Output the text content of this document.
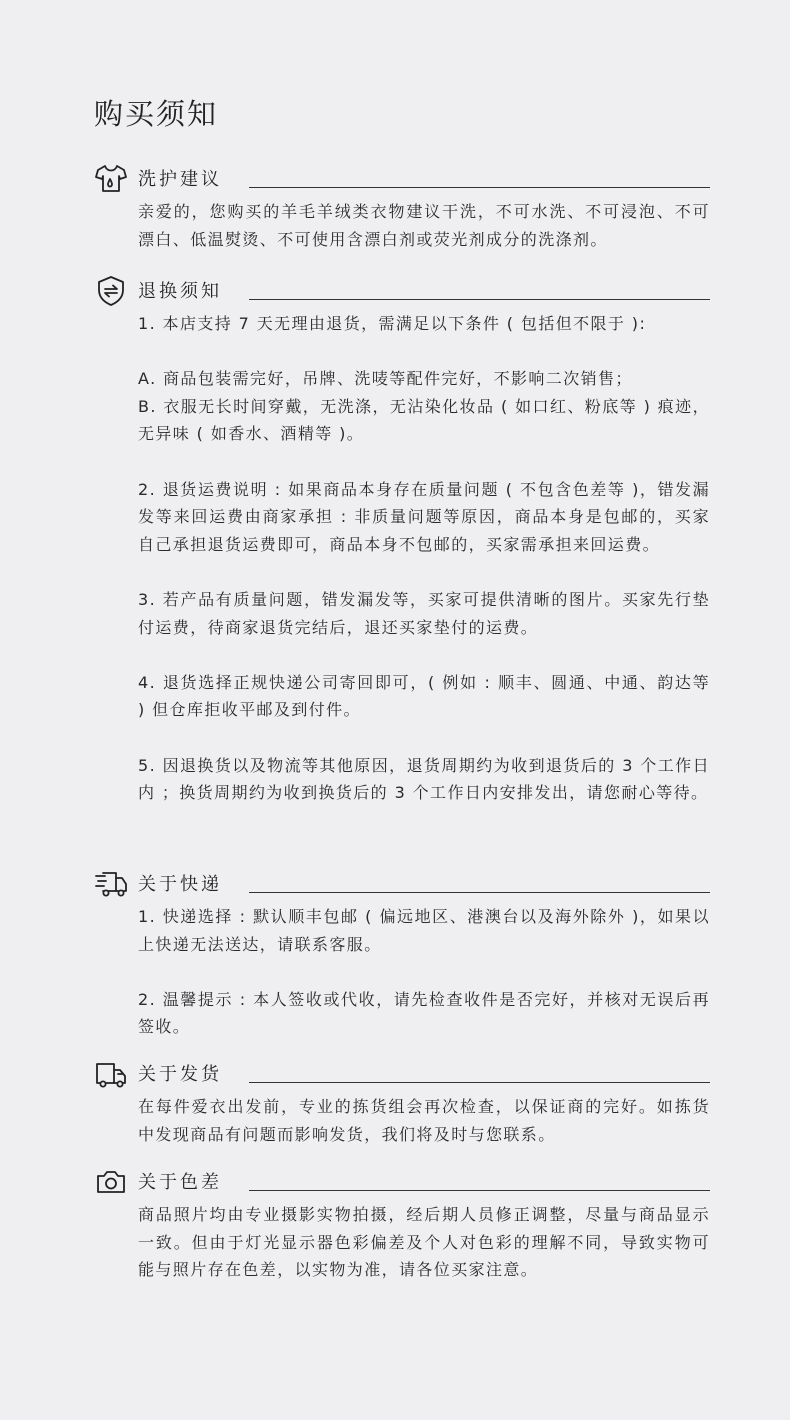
购买须知
洗护建议

亲爱的，您购买的羊毛羊绒类衣物建议干洗，不可水洗、不可浸泡、不可漂白、低温熨烫、不可使用含漂白剂或荧光剂成分的洗涤剂。

退换须知

1. 本店支持 7 天无理由退货，需满足以下条件 ( 包括但不限于 ):

A. 商品包装需完好，吊牌、洗唛等配件完好，不影响二次销售；

B. 衣服无长时间穿戴，无洗涤，无沾染化妆品 ( 如口红、粉底等 ) 痕迹，无异味 ( 如香水、酒精等 )。

2. 退货运费说明 : 如果商品本身存在质量问题 ( 不包含色差等 )，错发漏发等来回运费由商家承担 : 非质量问题等原因，商品本身是包邮的，买家自己承担退货运费即可，商品本身不包邮的，买家需承担来回运费。

3. 若产品有质量问题，错发漏发等，买家可提供清晰的图片。买家先行垫付运费，待商家退货完结后，退还买家垫付的运费。

4. 退货选择正规快递公司寄回即可，( 例如 : 顺丰、圆通、中通、韵达等 ) 但仓库拒收平邮及到付件。

5. 因退换货以及物流等其他原因，退货周期约为收到退货后的 3 个工作日内 ；换货周期约为收到换货后的 3 个工作日内安排发出，请您耐心等待。

关于快递

1. 快递选择 : 默认顺丰包邮 ( 偏远地区、港澳台以及海外除外 )，如果以上快递无法送达，请联系客服。

2. 温馨提示 : 本人签收或代收，请先检查收件是否完好，并核对无误后再签收。

关于发货

在每件爱衣出发前，专业的拣货组会再次检查，以保证商的完好。如拣货中发现商品有问题而影响发货，我们将及时与您联系。

关于色差

商品照片均由专业摄影实物拍摄，经后期人员修正调整，尽量与商品显示一致。但由于灯光显示器色彩偏差及个人对色彩的理解不同，导致实物可能与照片存在色差，以实物为准，请各位买家注意。
